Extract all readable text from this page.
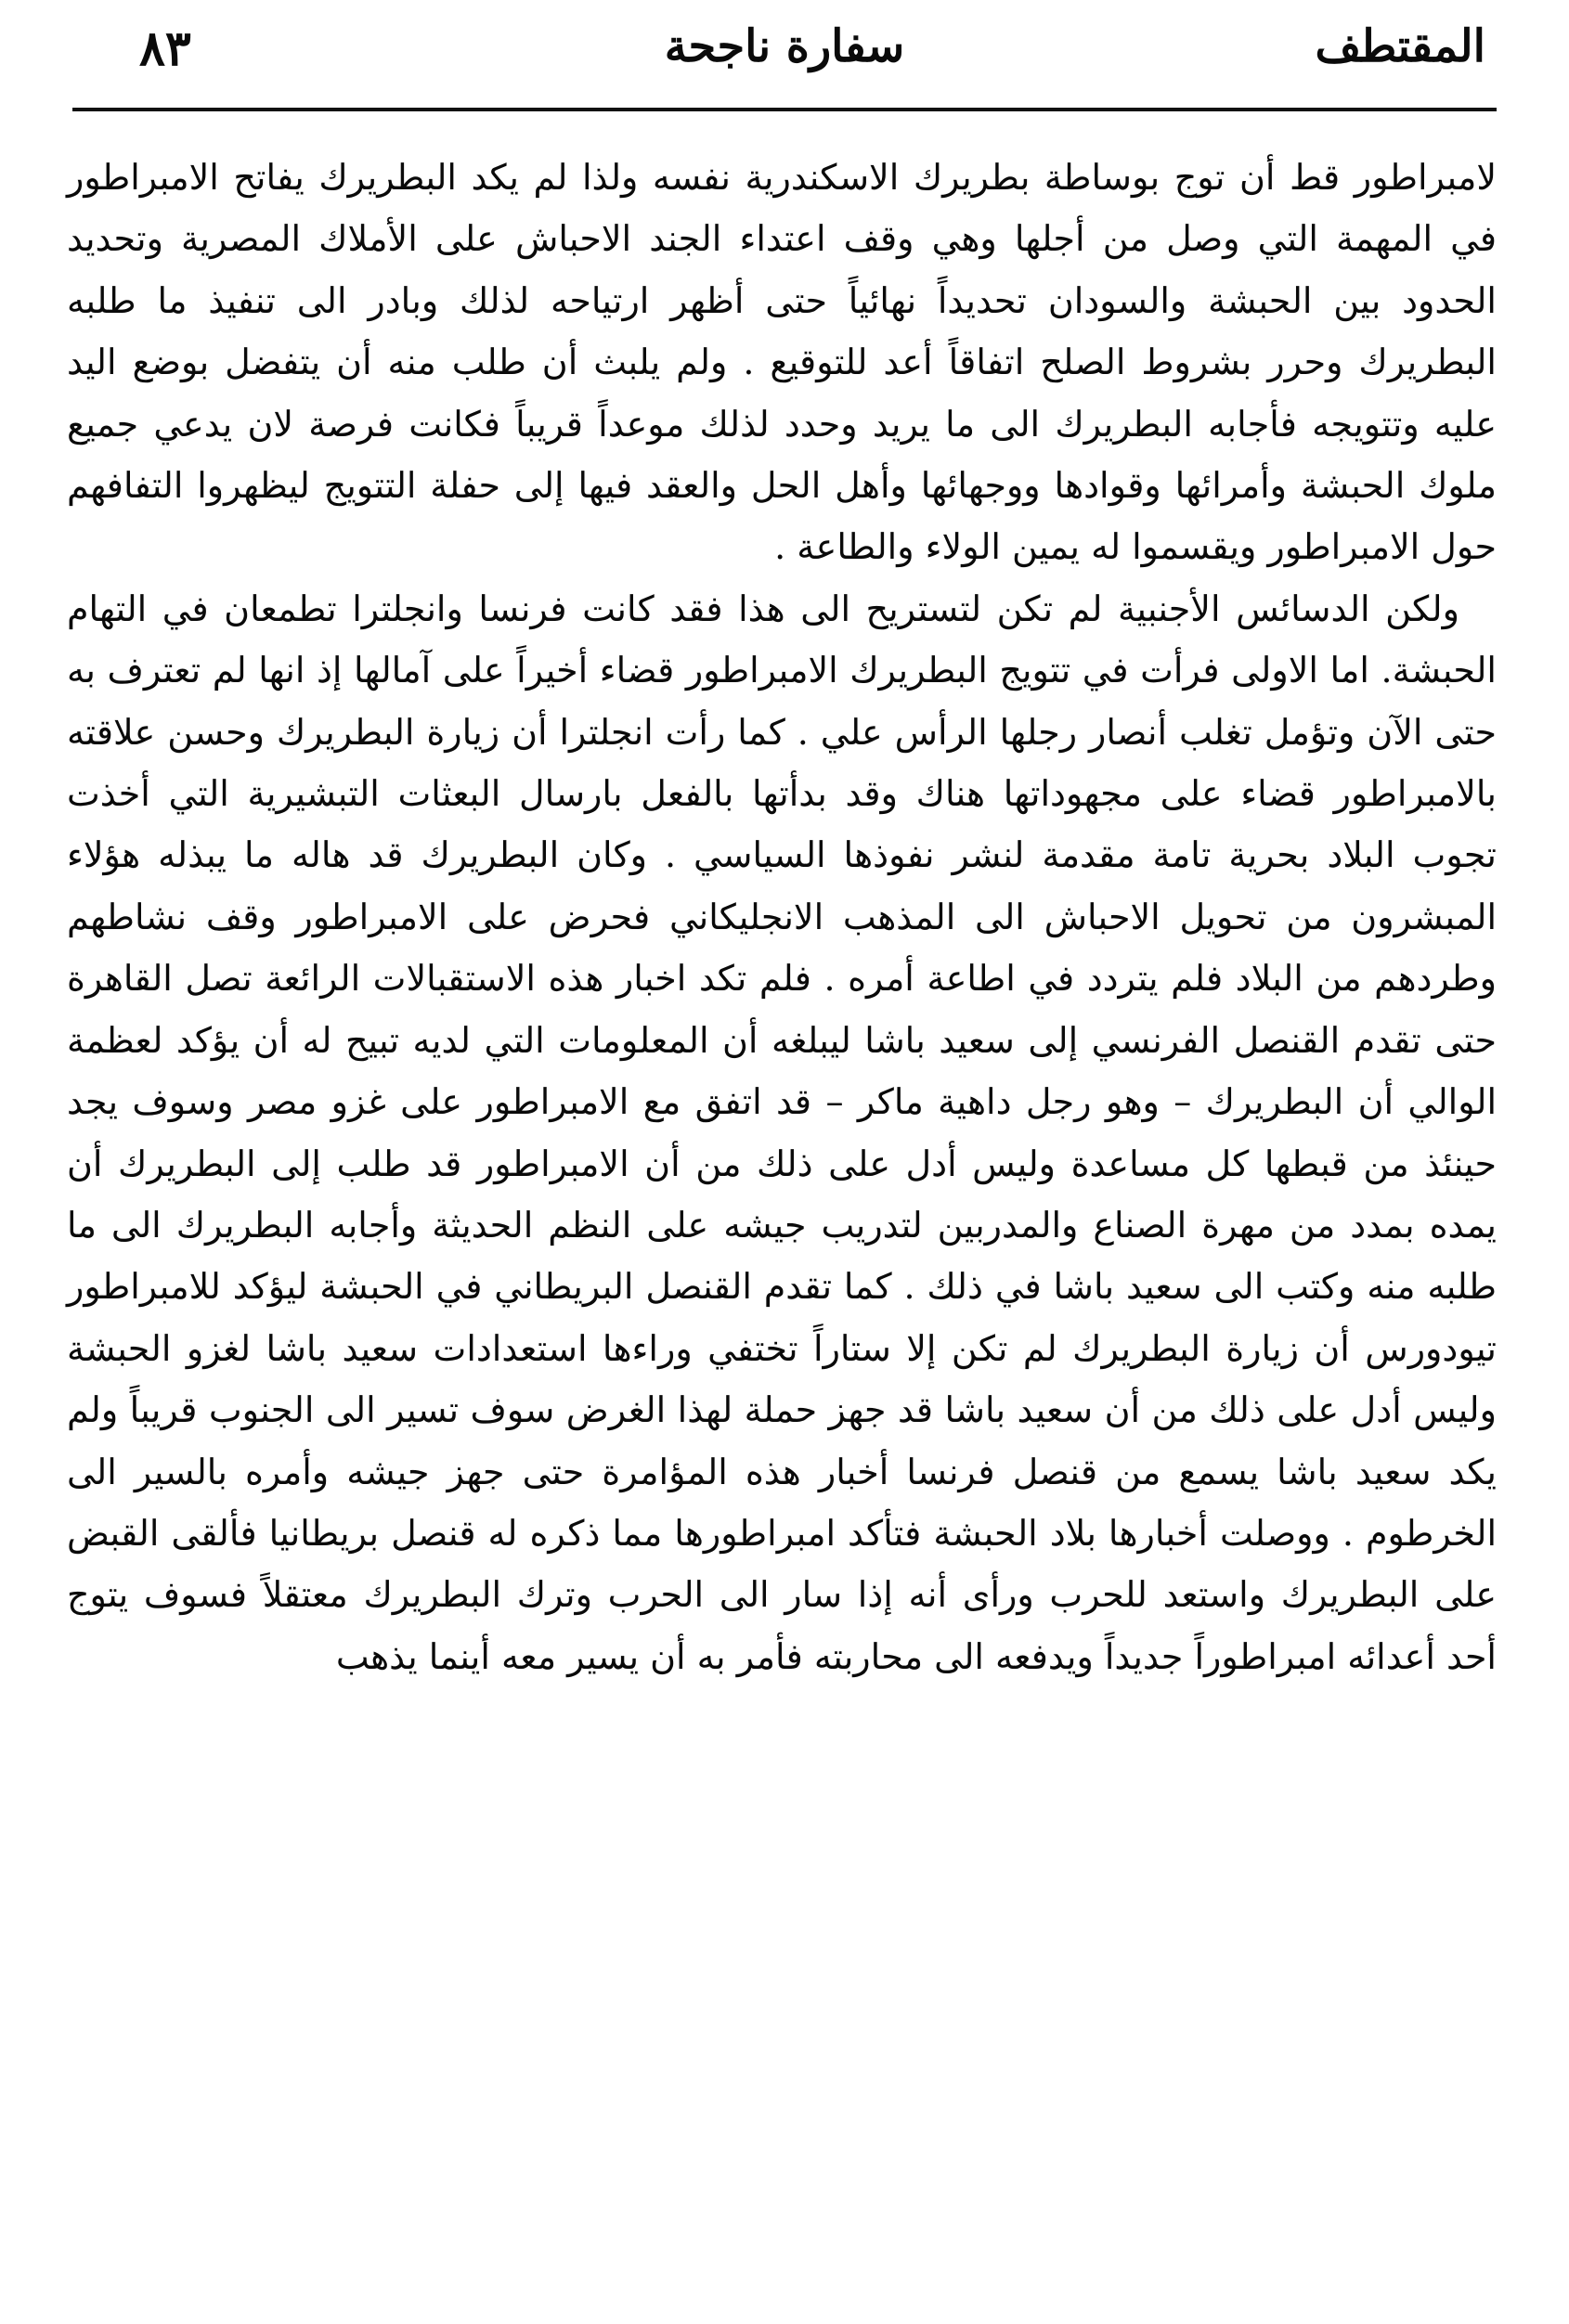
المقتطف
سفارة ناجحة
٨٣

لامبراطور قط أن توج بوساطة بطريرك الاسكندرية نفسه ولذا لم يكد البطريرك يفاتح الامبراطور في المهمة التي وصل من أجلها وهي وقف اعتداء الجند الاحباش على الأملاك المصرية وتحديد الحدود بين الحبشة والسودان تحديداً نهائياً حتى أظهر ارتياحه لذلك وبادر الى تنفيذ ما طلبه البطريرك وحرر بشروط الصلح اتفاقاً أعد للتوقيع . ولم يلبث أن طلب منه أن يتفضل بوضع اليد عليه وتتويجه فأجابه البطريرك الى ما يريد وحدد لذلك موعداً قريباً فكانت فرصة لان يدعي جميع ملوك الحبشة وأمرائها وقوادها ووجهائها وأهل الحل والعقد فيها إلى حفلة التتويج ليظهروا التفافهم حول الامبراطور ويقسموا له يمين الولاء والطاعة .

ولكن الدسائس الأجنبية لم تكن لتستريح الى هذا فقد كانت فرنسا وانجلترا تطمعان في التهام الحبشة. اما الاولى فرأت في تتويج البطريرك الامبراطور قضاء أخيراً على آمالها إذ انها لم تعترف به حتى الآن وتؤمل تغلب أنصار رجلها الرأس علي . كما رأت انجلترا أن زيارة البطريرك وحسن علاقته بالامبراطور قضاء على مجهوداتها هناك وقد بدأتها بالفعل بارسال البعثات التبشيرية التي أخذت تجوب البلاد بحرية تامة مقدمة لنشر نفوذها السياسي . وكان البطريرك قد هاله ما يبذله هؤلاء المبشرون من تحويل الاحباش الى المذهب الانجليكاني فحرض على الامبراطور وقف نشاطهم وطردهم من البلاد فلم يتردد في اطاعة أمره . فلم تكد اخبار هذه الاستقبالات الرائعة تصل القاهرة حتى تقدم القنصل الفرنسي إلى سعيد باشا ليبلغه أن المعلومات التي لديه تبيح له أن يؤكد لعظمة الوالي أن البطريرك – وهو رجل داهية ماكر – قد اتفق مع الامبراطور على غزو مصر وسوف يجد حينئذ من قبطها كل مساعدة وليس أدل على ذلك من أن الامبراطور قد طلب إلى البطريرك أن يمده بمدد من مهرة الصناع والمدربين لتدريب جيشه على النظم الحديثة وأجابه البطريرك الى ما طلبه منه وكتب الى سعيد باشا في ذلك . كما تقدم القنصل البريطاني في الحبشة ليؤكد للامبراطور تيودورس أن زيارة البطريرك لم تكن إلا ستاراً تختفي وراءها استعدادات سعيد باشا لغزو الحبشة وليس أدل على ذلك من أن سعيد باشا قد جهز حملة لهذا الغرض سوف تسير الى الجنوب قريباً ولم يكد سعيد باشا يسمع من قنصل فرنسا أخبار هذه المؤامرة حتى جهز جيشه وأمره بالسير الى الخرطوم . ووصلت أخبارها بلاد الحبشة فتأكد امبراطورها مما ذكره له قنصل بريطانيا فألقى القبض على البطريرك واستعد للحرب ورأى أنه إذا سار الى الحرب وترك البطريرك معتقلاً فسوف يتوج أحد أعدائه امبراطوراً جديداً ويدفعه الى محاربته فأمر به أن يسير معه أينما يذهب
